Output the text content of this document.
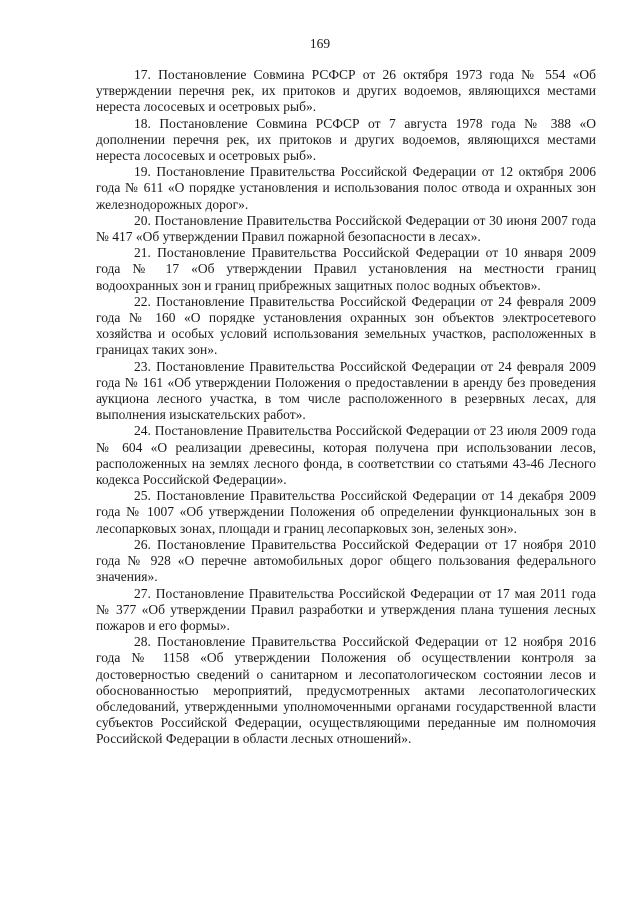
169

17. Постановление Совмина РСФСР от 26 октября 1973 года № 554 «Об утверждении перечня рек, их притоков и других водоемов, являющихся местами нереста лососевых и осетровых рыб».

18. Постановление Совмина РСФСР от 7 августа 1978 года № 388 «О дополнении перечня рек, их притоков и других водоемов, являющихся местами нереста лососевых и осетровых рыб».

19. Постановление Правительства Российской Федерации от 12 октября 2006 года № 611 «О порядке установления и использования полос отвода и охранных зон железнодорожных дорог».

20. Постановление Правительства Российской Федерации от 30 июня 2007 года № 417 «Об утверждении Правил пожарной безопасности в лесах».

21. Постановление Правительства Российской Федерации от 10 января 2009 года № 17 «Об утверждении Правил установления на местности границ водоохранных зон и границ прибрежных защитных полос водных объектов».

22. Постановление Правительства Российской Федерации от 24 февраля 2009 года № 160 «О порядке установления охранных зон объектов электросетевого хозяйства и особых условий использования земельных участков, расположенных в границах таких зон».

23. Постановление Правительства Российской Федерации от 24 февраля 2009 года № 161 «Об утверждении Положения о предоставлении в аренду без проведения аукциона лесного участка, в том числе расположенного в резервных лесах, для выполнения изыскательских работ».

24. Постановление Правительства Российской Федерации от 23 июля 2009 года № 604 «О реализации древесины, которая получена при использовании лесов, расположенных на землях лесного фонда, в соответствии со статьями 43-46 Лесного кодекса Российской Федерации».

25. Постановление Правительства Российской Федерации от 14 декабря 2009 года № 1007 «Об утверждении Положения об определении функциональных зон в лесопарковых зонах, площади и границ лесопарковых зон, зеленых зон».

26. Постановление Правительства Российской Федерации от 17 ноября 2010 года № 928 «О перечне автомобильных дорог общего пользования федерального значения».

27. Постановление Правительства Российской Федерации от 17 мая 2011 года № 377 «Об утверждении Правил разработки и утверждения плана тушения лесных пожаров и его формы».

28. Постановление Правительства Российской Федерации от 12 ноября 2016 года № 1158 «Об утверждении Положения об осуществлении контроля за достоверностью сведений о санитарном и лесопатологическом состоянии лесов и обоснованностью мероприятий, предусмотренных актами лесопатологических обследований, утвержденными уполномоченными органами государственной власти субъектов Российской Федерации, осуществляющими переданные им полномочия Российской Федерации в области лесных отношений».
